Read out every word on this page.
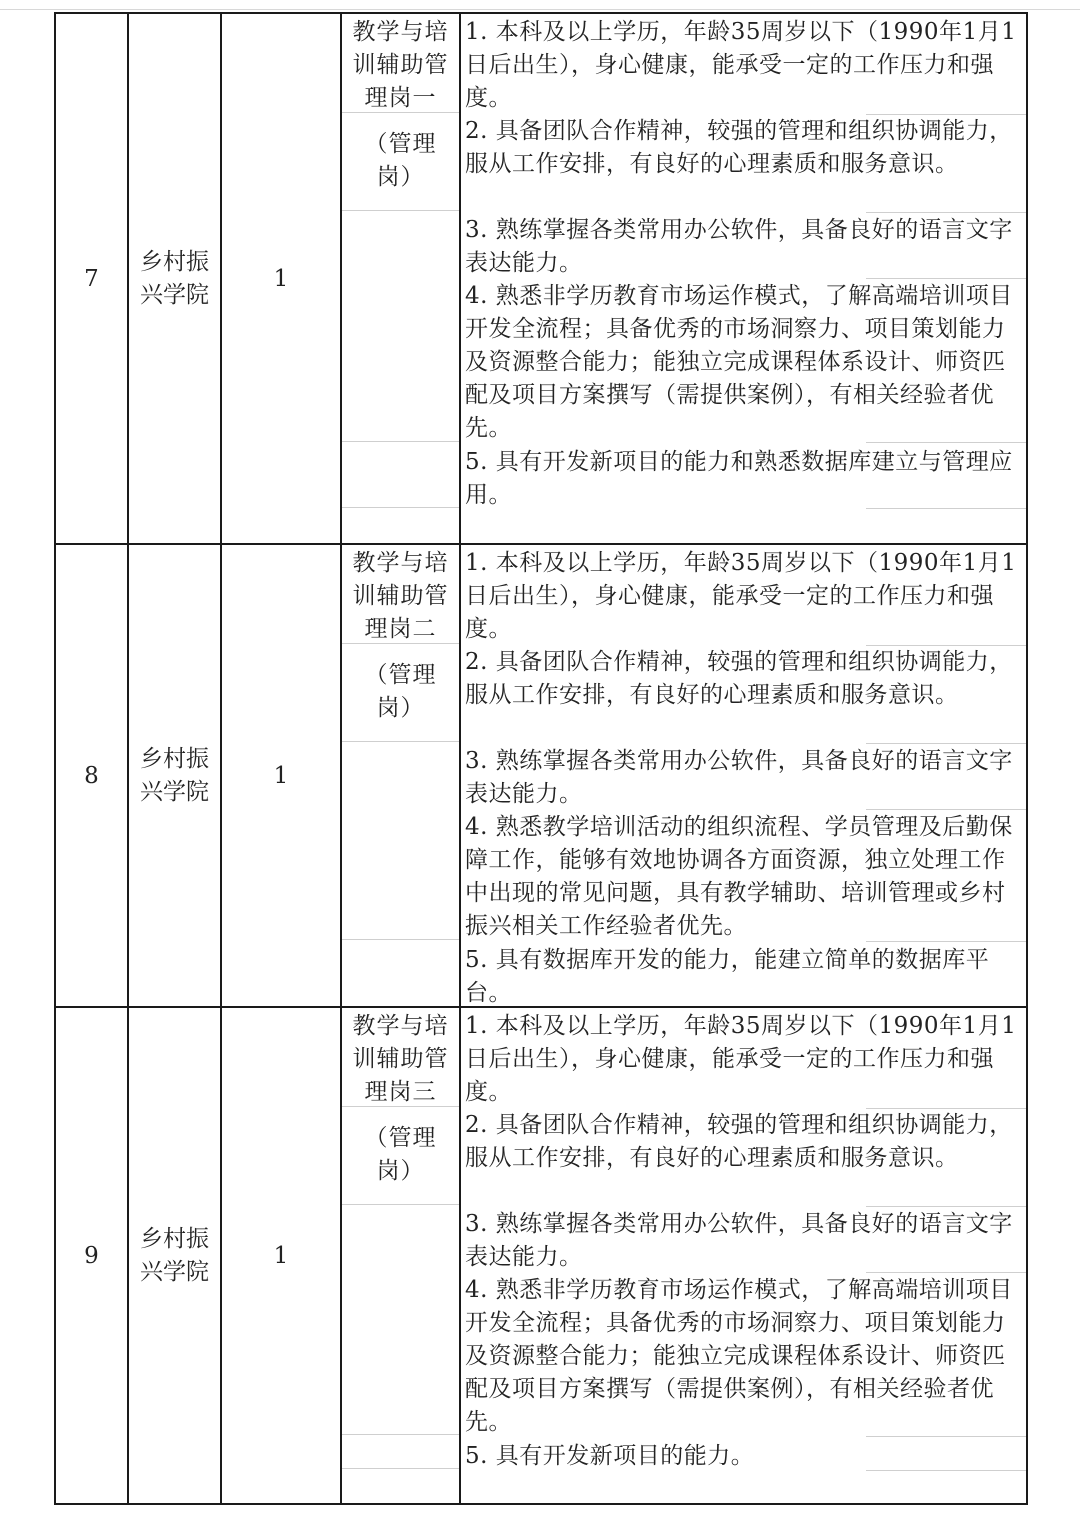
7
乡村振兴学院
1
教学与培训辅助管理岗一
（管理岗）
1. 本科及以上学历，年龄35周岁以下（1990年1月1日后出生），身心健康，能承受一定的工作压力和强度。
2. 具备团队合作精神，较强的管理和组织协调能力，服从工作安排，有良好的心理素质和服务意识。
3. 熟练掌握各类常用办公软件，具备良好的语言文字表达能力。
4. 熟悉非学历教育市场运作模式，了解高端培训项目开发全流程；具备优秀的市场洞察力、项目策划能力及资源整合能力；能独立完成课程体系设计、师资匹配及项目方案撰写（需提供案例），有相关经验者优先。
5. 具有开发新项目的能力和熟悉数据库建立与管理应用。
8
乡村振兴学院
1
教学与培训辅助管理岗二
（管理岗）
1. 本科及以上学历，年龄35周岁以下（1990年1月1日后出生），身心健康，能承受一定的工作压力和强度。
2. 具备团队合作精神，较强的管理和组织协调能力，服从工作安排，有良好的心理素质和服务意识。
3. 熟练掌握各类常用办公软件，具备良好的语言文字表达能力。
4. 熟悉教学培训活动的组织流程、学员管理及后勤保障工作，能够有效地协调各方面资源，独立处理工作中出现的常见问题，具有教学辅助、培训管理或乡村振兴相关工作经验者优先。
5. 具有数据库开发的能力，能建立简单的数据库平台。
9
乡村振兴学院
1
教学与培训辅助管理岗三
（管理岗）
1. 本科及以上学历，年龄35周岁以下（1990年1月1日后出生），身心健康，能承受一定的工作压力和强度。
2. 具备团队合作精神，较强的管理和组织协调能力，服从工作安排，有良好的心理素质和服务意识。
3. 熟练掌握各类常用办公软件，具备良好的语言文字表达能力。
4. 熟悉非学历教育市场运作模式，了解高端培训项目开发全流程；具备优秀的市场洞察力、项目策划能力及资源整合能力；能独立完成课程体系设计、师资匹配及项目方案撰写（需提供案例），有相关经验者优先。
5. 具有开发新项目的能力。
